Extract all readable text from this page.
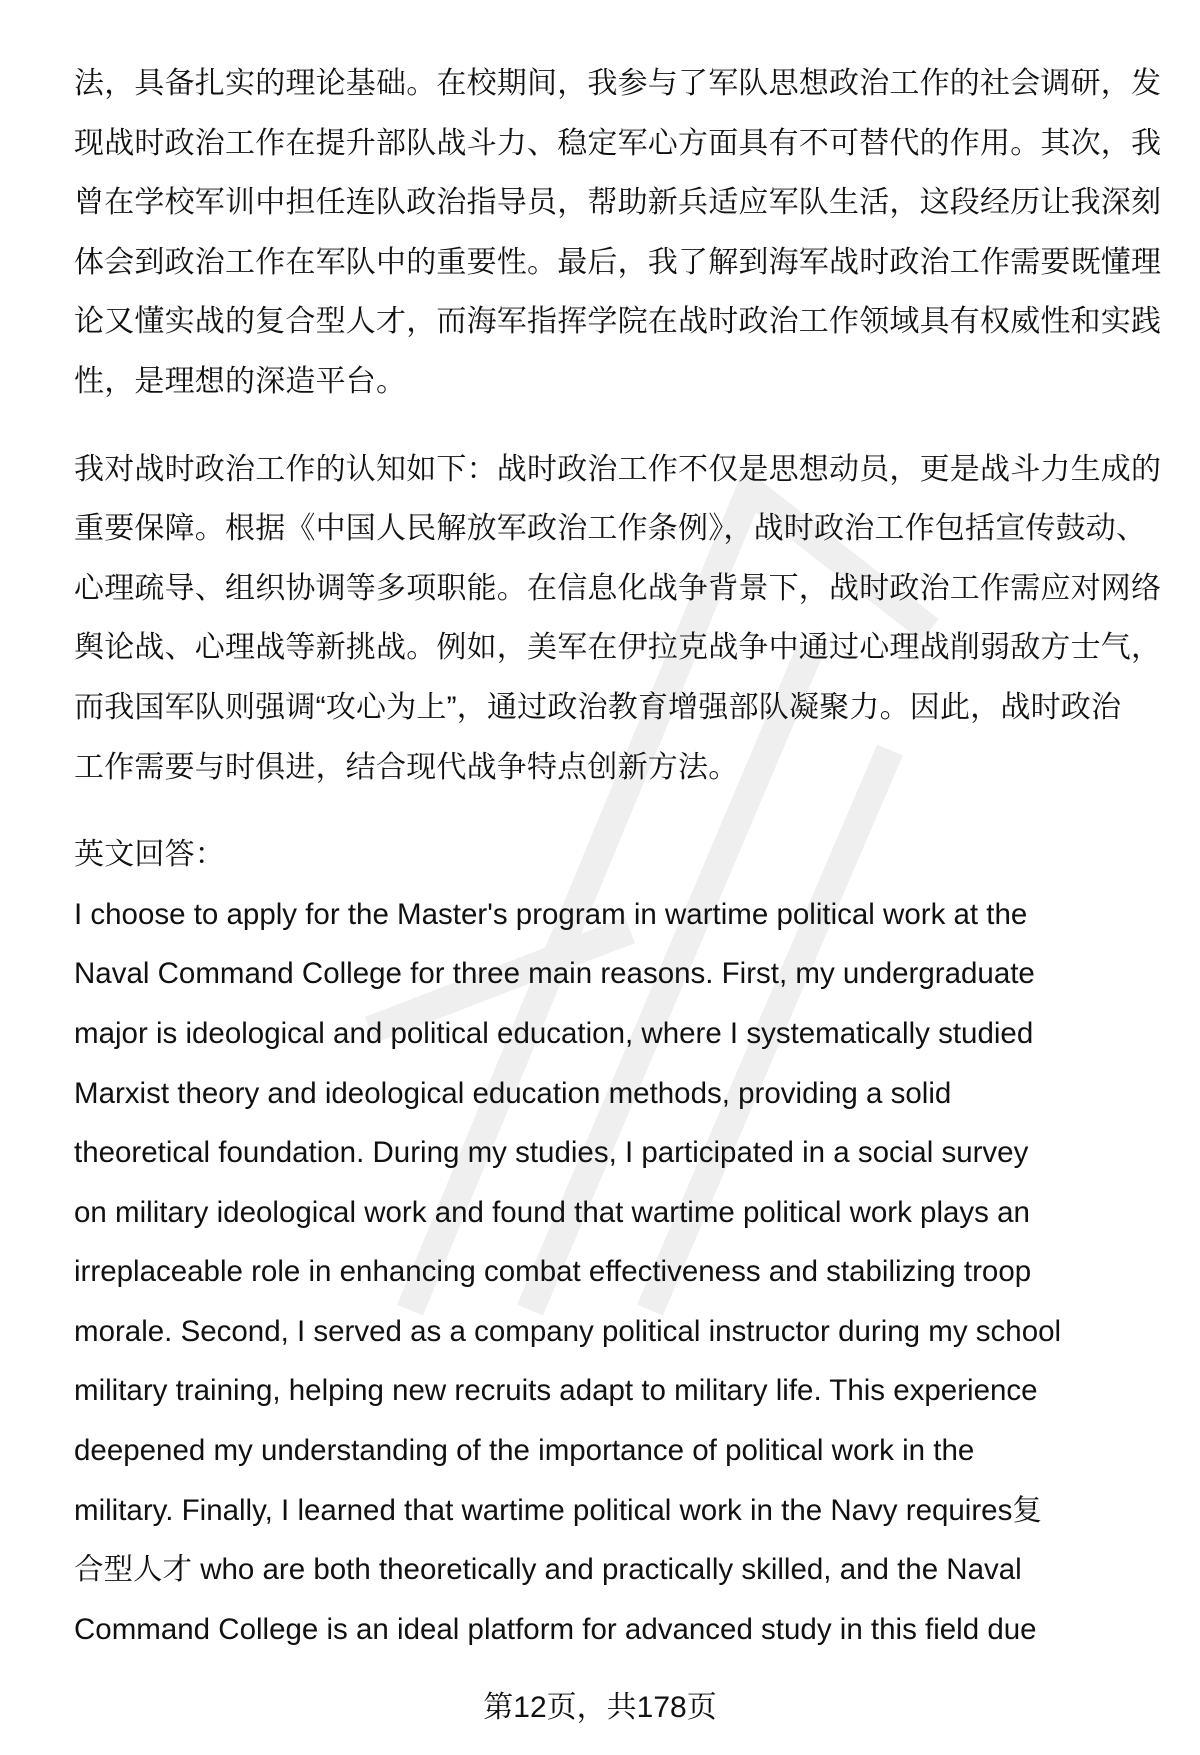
法，具备扎实的理论基础。在校期间，我参与了军队思想政治工作的社会调研，发
现战时政治工作在提升部队战斗力、稳定军心方面具有不可替代的作用。其次，我
曾在学校军训中担任连队政治指导员，帮助新兵适应军队生活，这段经历让我深刻
体会到政治工作在军队中的重要性。最后，我了解到海军战时政治工作需要既懂理
论又懂实战的复合型人才，而海军指挥学院在战时政治工作领域具有权威性和实践
性，是理想的深造平台。
我对战时政治工作的认知如下：战时政治工作不仅是思想动员，更是战斗力生成的
重要保障。根据《中国人民解放军政治工作条例》，战时政治工作包括宣传鼓动、
心理疏导、组织协调等多项职能。在信息化战争背景下，战时政治工作需应对网络
舆论战、心理战等新挑战。例如，美军在伊拉克战争中通过心理战削弱敌方士气，
而我国军队则强调“攻心为上”，通过政治教育增强部队凝聚力。因此，战时政治
工作需要与时俱进，结合现代战争特点创新方法。
英文回答：
I choose to apply for the Master's program in wartime political work at the
Naval Command College for three main reasons. First, my undergraduate
major is ideological and political education, where I systematically studied
Marxist theory and ideological education methods, providing a solid
theoretical foundation. During my studies, I participated in a social survey
on military ideological work and found that wartime political work plays an
irreplaceable role in enhancing combat effectiveness and stabilizing troop
morale. Second, I served as a company political instructor during my school
military training, helping new recruits adapt to military life. This experience
deepened my understanding of the importance of political work in the
military. Finally, I learned that wartime political work in the Navy requires复
合型人才 who are both theoretically and practically skilled, and the Naval
Command College is an ideal platform for advanced study in this field due
第12页，共178页
